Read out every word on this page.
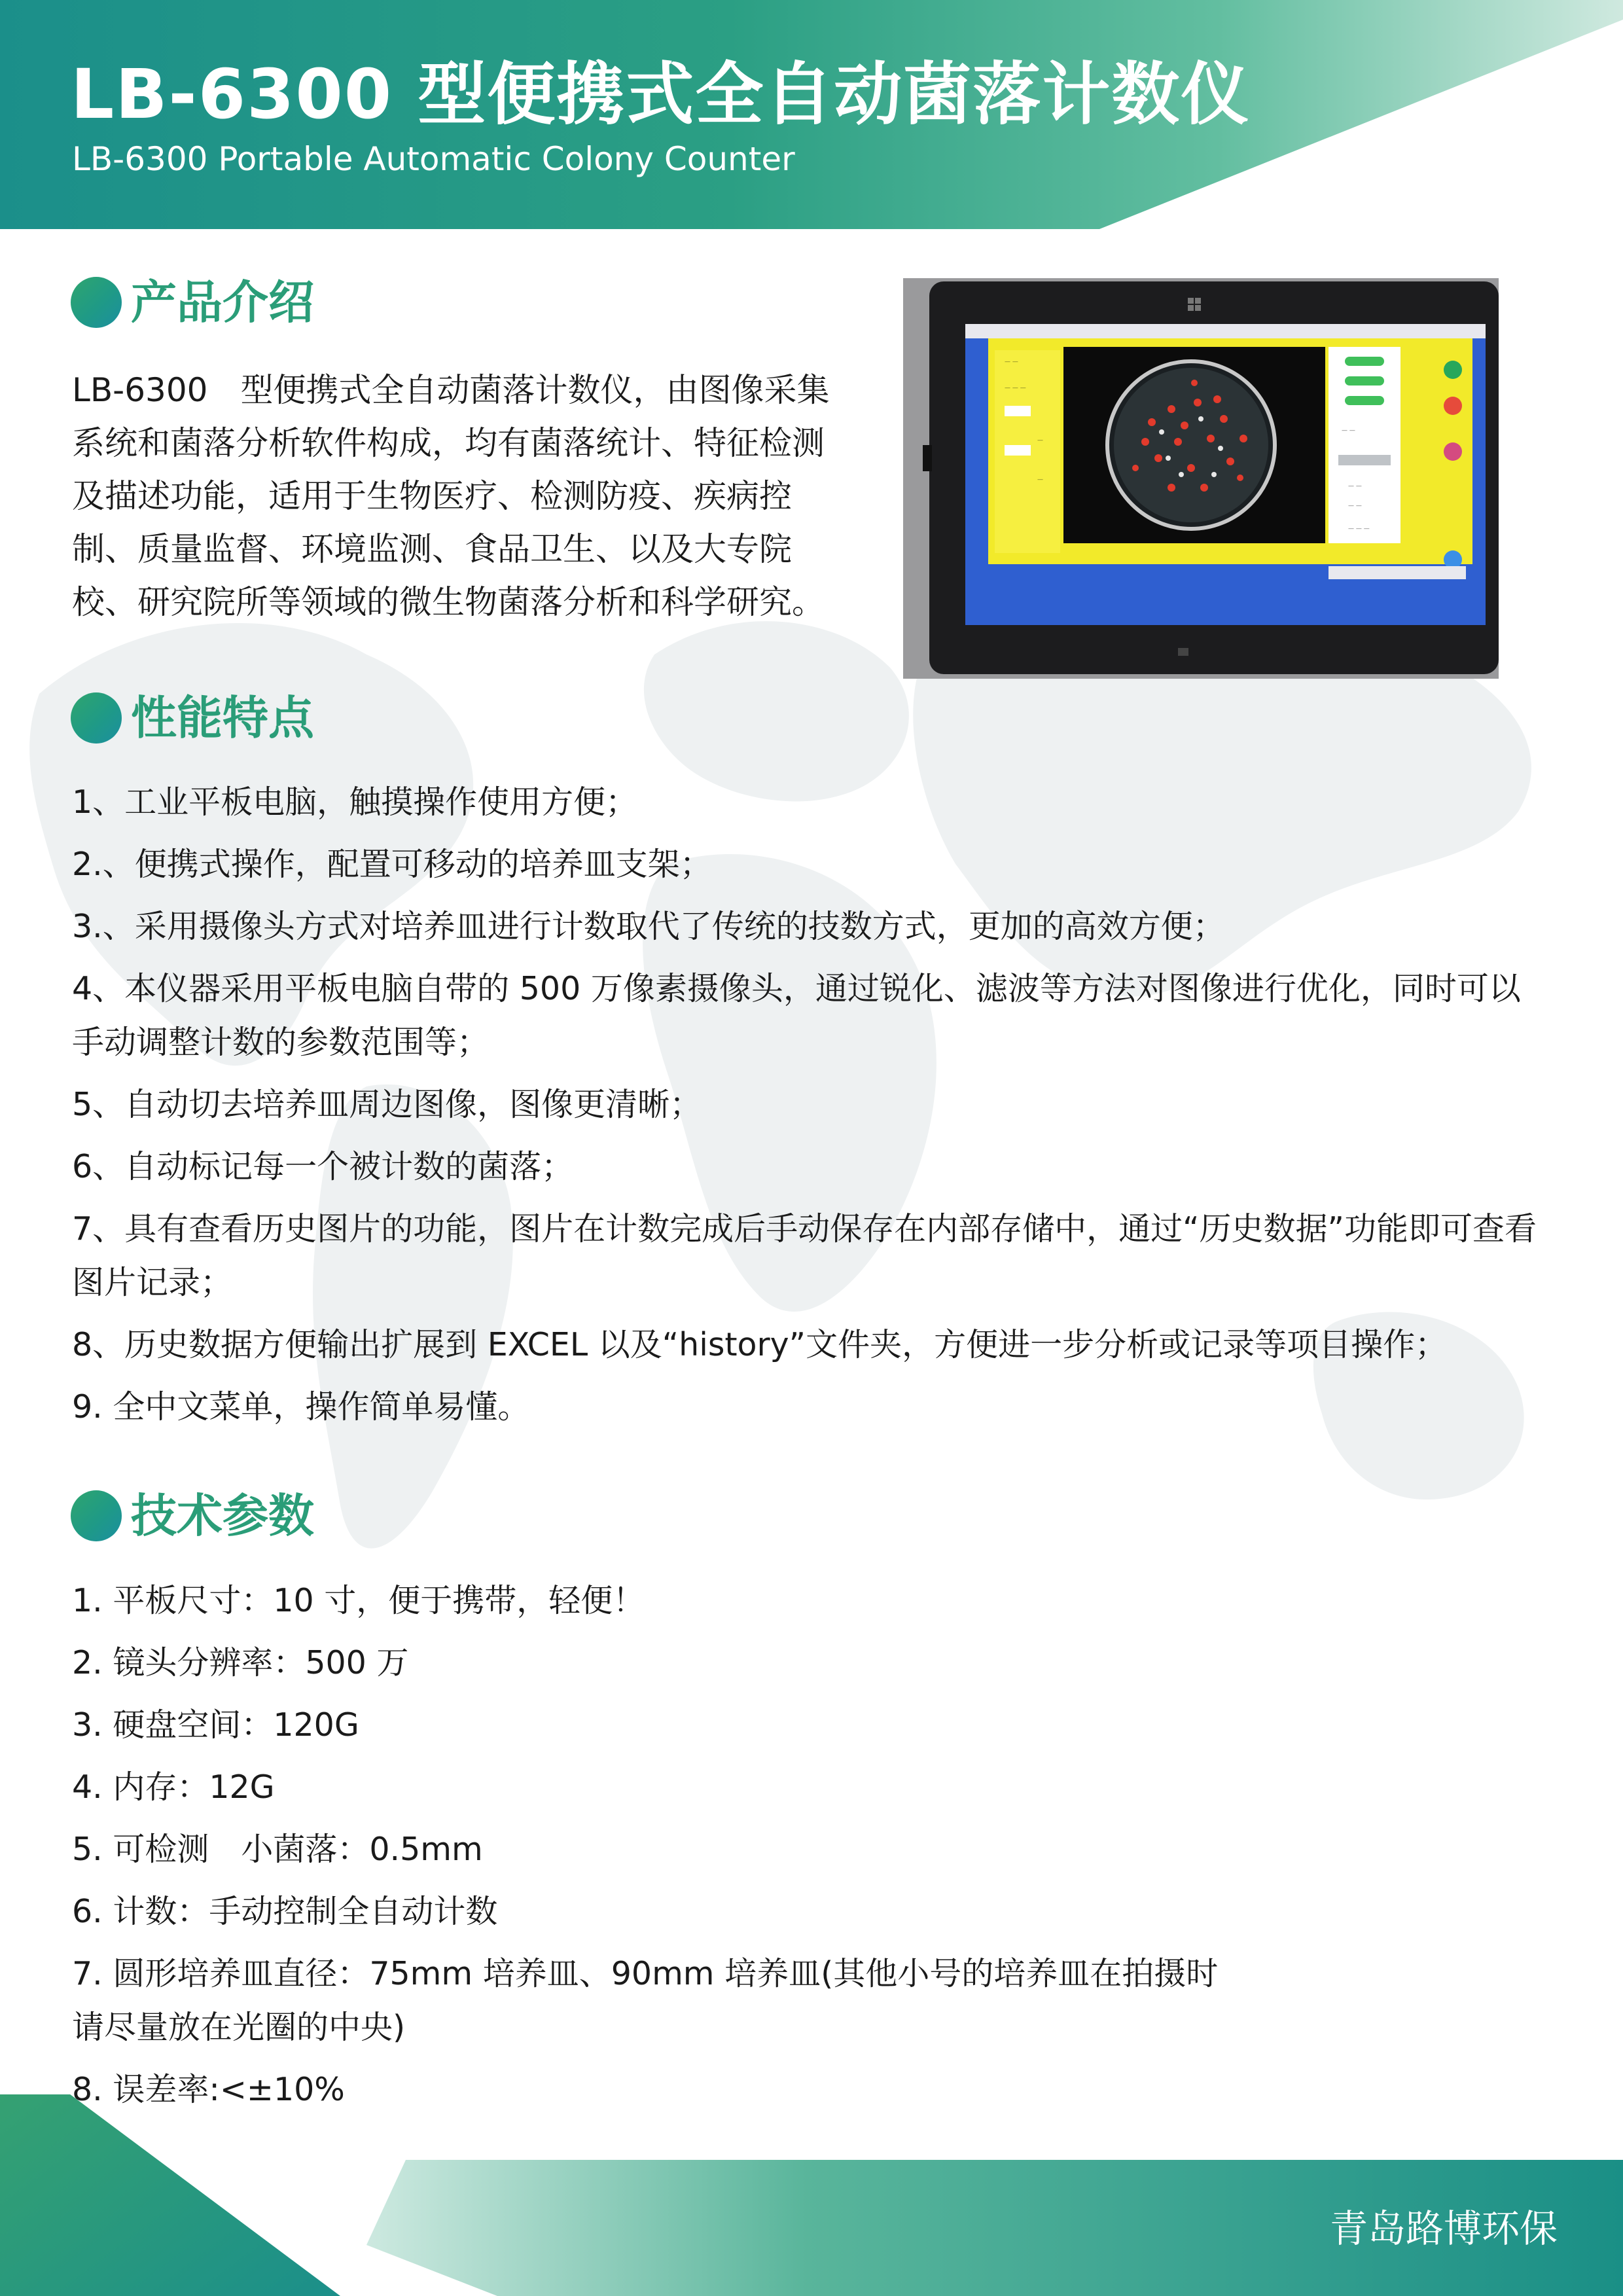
LB-6300 型便携式全自动菌落计数仪
LB-6300 Portable Automatic Colony Counter
产品介绍
LB-6300　型便携式全自动菌落计数仪，由图像采集系统和菌落分析软件构成，均有菌落统计、特征检测及描述功能，适用于生物医疗、检测防疫、疾病控制、质量监督、环境监测、食品卫生、以及大专院校、研究院所等领域的微生物菌落分析和科学研究。
— —
— — —
—
—
— —
— —
— —
— — —
性能特点
1、工业平板电脑，触摸操作使用方便；
2.、便携式操作，配置可移动的培养皿支架；
3.、采用摄像头方式对培养皿进行计数取代了传统的技数方式，更加的高效方便；
4、本仪器采用平板电脑自带的 500 万像素摄像头，通过锐化、滤波等方法对图像进行优化，同时可以手动调整计数的参数范围等；
5、自动切去培养皿周边图像，图像更清晰；
6、自动标记每一个被计数的菌落；
7、具有查看历史图片的功能，图片在计数完成后手动保存在内部存储中，通过“历史数据”功能即可查看图片记录；
8、历史数据方便输出扩展到 EXCEL 以及“history”文件夹，方便进一步分析或记录等项目操作；
9. 全中文菜单，操作简单易懂。
技术参数
1. 平板尺寸：10 寸，便于携带，轻便！
2. 镜头分辨率：500 万
3. 硬盘空间：120G
4. 内存：12G
5. 可检测　小菌落：0.5mm
6. 计数：手动控制全自动计数
7. 圆形培养皿直径：75mm 培养皿、90mm 培养皿(其他小号的培养皿在拍摄时请尽量放在光圈的中央)
8. 误差率:<±10%
青岛路博环保
